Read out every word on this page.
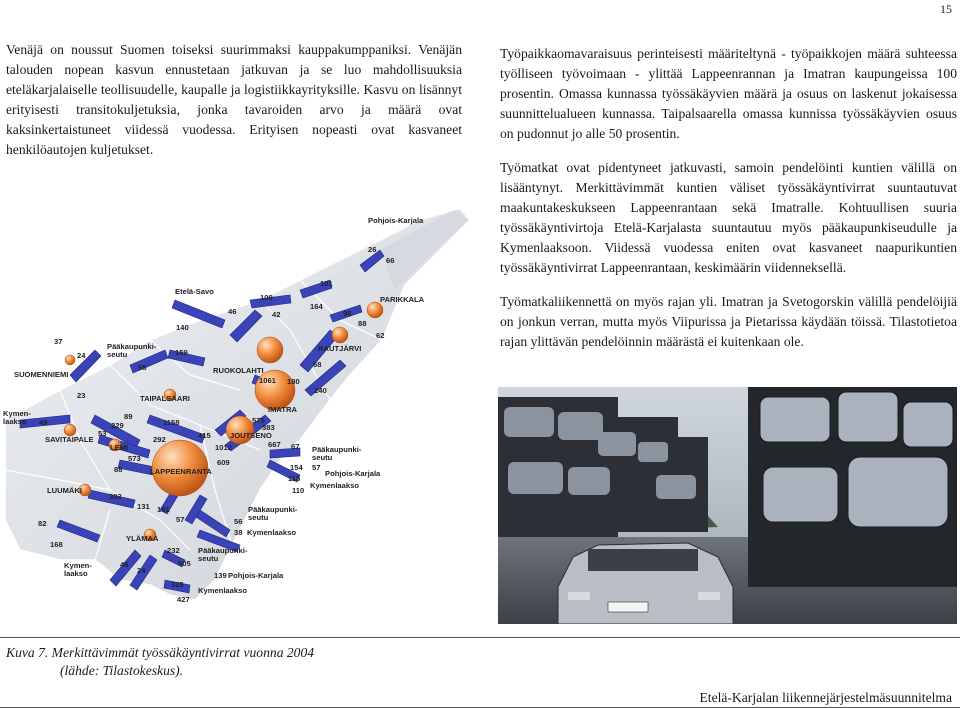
15

Venäjä on noussut Suomen toiseksi suurimmaksi kauppakumppaniksi. Venäjän talouden nopean kasvun ennustetaan jatkuvan ja se luo mahdollisuuksia eteläkarjalaiselle teollisuudelle, kaupalle ja logistiikkayrityksille. Kasvu on lisännyt erityisesti transitokuljetuksia, jonka tavaroiden arvo ja määrä ovat kaksinkertaistuneet viidessä vuodessa. Erityisen nopeasti ovat kasvaneet henkilöautojen kuljetukset.

Työpaikkaomavaraisuus perinteisesti määriteltynä - työpaikkojen määrä suhteessa työlliseen työvoimaan - ylittää Lappeenrannan ja Imatran kaupungeissa 100 prosentin. Omassa kunnassa työssäkäyvien määrä ja osuus on laskenut jokaisessa suunnittelualueen kunnassa. Taipalsaarella omassa kunnissa työssäkäyvien osuus on pudonnut jo alle 50 prosentin.

Työmatkat ovat pidentyneet jatkuvasti, samoin pendelöinti kuntien välillä on lisääntynyt. Merkittävimmät kuntien väliset työssäkäyntivirrat suuntautuvat maakuntakeskukseen Lappeenrantaan sekä Imatralle. Kohtuullisen suuria työssäkäyntivirtoja Etelä-Karjalasta suuntautuu myös pääkaupunkiseudulle ja Kymenlaaksoon. Viidessä vuodessa eniten ovat kasvaneet naapurikuntien työssäkäyntivirrat Lappeenrantaan, keskimäärin viidenneksellä.

Työmatkaliikennettä on myös rajan yli. Imatran ja Svetogorskin välillä pendelöijiä on jonkun verran, mutta myös Viipurissa ja Pietarissa käydään töissä. Tilastotietoa rajan ylittävän pendelöinnin määrästä ei kuitenkaan ole.

Pohjois-Karjala
PARIKKALA
Etelä-Savo
RAUTJÄRVI
RUOKOLAHTI
SUOMENNIEMI
Pääkaupunki-seutu
TAIPALSAARI
IMATRA
Kymen-laakso
SAVITAIPALE
LEMI
JOUTSENO
LAPPEENRANTA
Pääkaupunki-seutu
Pohjois-Karjala
Kymenlaakso
LUUMÄKI
Pääkaupunki-seutu
Kymenlaakso
YLÄMAA
Kymen-laakso
Pääkaupunki-seutu
Pohjois-Karjala
Kymenlaakso
26
66
101
109
42
164
46	98
88
62
140
159
37
24
55
1061 180
68
240
23
49
89
229
53
1158	575
383
415
1012
292
667 67
573
88
609
154 57
115
110
303
131 191
57	56
38
82
168
232
505
46
24
325
139
427
Kuva 7. Merkittävimmät työssäkäyntivirrat vuonna 2004
(lähde: Tilastokeskus).
Etelä-Karjalan liikennejärjestelmäsuunnitelma
